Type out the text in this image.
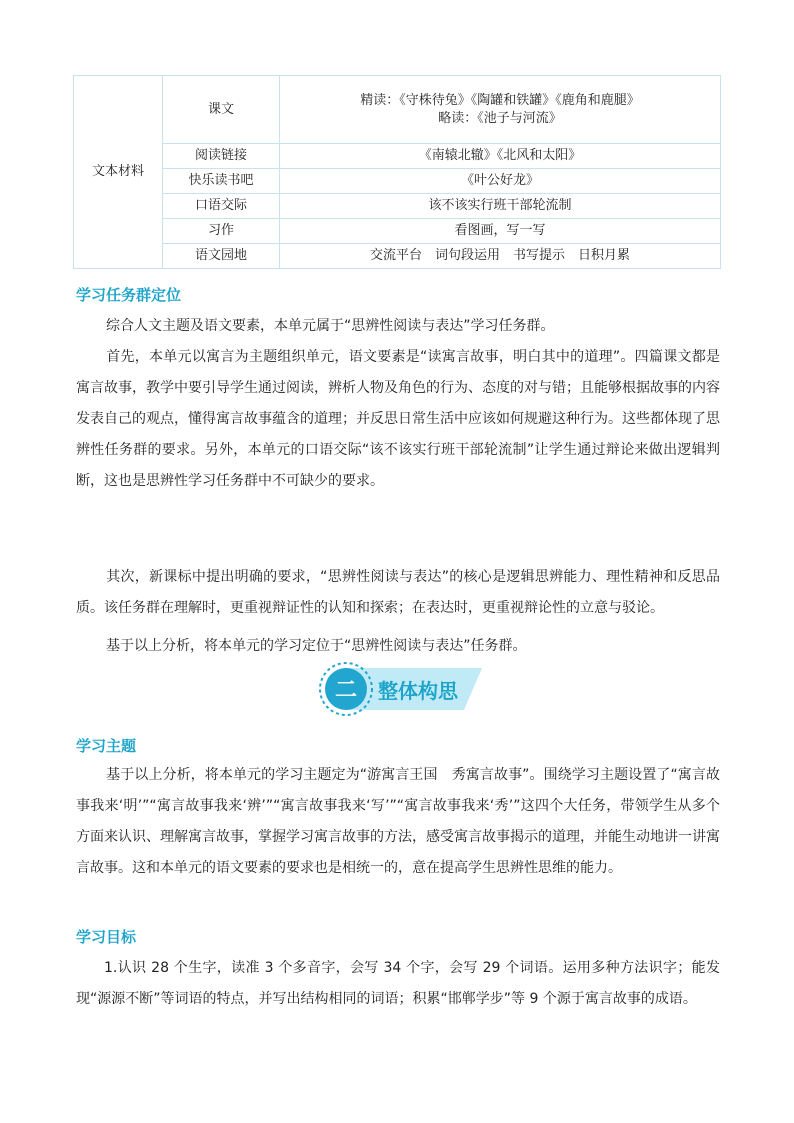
文本材料	课文	精读：《守株待兔》《陶罐和铁罐》《鹿角和鹿腿》
略读：《池子与河流》

	阅读链接	《南辕北辙》《北风和太阳》
	快乐读书吧	《叶公好龙》
	口语交际	该不该实行班干部轮流制
	习作	看图画，写一写
	语文园地	交流平台　词句段运用　书写提示　日积月累
学习任务群定位

综合人文主题及语文要素，本单元属于“思辨性阅读与表达”学习任务群。

首先，本单元以寓言为主题组织单元，语文要素是“读寓言故事，明白其中的道理”。四篇课文都是寓言故事，教学中要引导学生通过阅读，辨析人物及角色的行为、态度的对与错；且能够根据故事的内容发表自己的观点，懂得寓言故事蕴含的道理；并反思日常生活中应该如何规避这种行为。这些都体现了思辨性任务群的要求。另外，本单元的口语交际“该不该实行班干部轮流制”让学生通过辩论来做出逻辑判断，这也是思辨性学习任务群中不可缺少的要求。

其次，新课标中提出明确的要求，“思辨性阅读与表达”的核心是逻辑思辨能力、理性精神和反思品质。该任务群在理解时，更重视辩证性的认知和探索；在表达时，更重视辩论性的立意与驳论。

基于以上分析，将本单元的学习定位于“思辨性阅读与表达”任务群。

二 整体构思
学习主题

基于以上分析，将本单元的学习主题定为“游寓言王国　秀寓言故事”。围绕学习主题设置了“寓言故事我来‘明’”“寓言故事我来‘辨’”“寓言故事我来‘写’”“寓言故事我来‘秀’”这四个大任务，带领学生从多个方面来认识、理解寓言故事，掌握学习寓言故事的方法，感受寓言故事揭示的道理，并能生动地讲一讲寓言故事。这和本单元的语文要素的要求也是相统一的，意在提高学生思辨性思维的能力。

学习目标

1.认识 28 个生字，读准 3 个多音字，会写 34 个字，会写 29 个词语。运用多种方法识字；能发现“源源不断”等词语的特点，并写出结构相同的词语；积累“邯郸学步”等 9 个源于寓言故事的成语。
